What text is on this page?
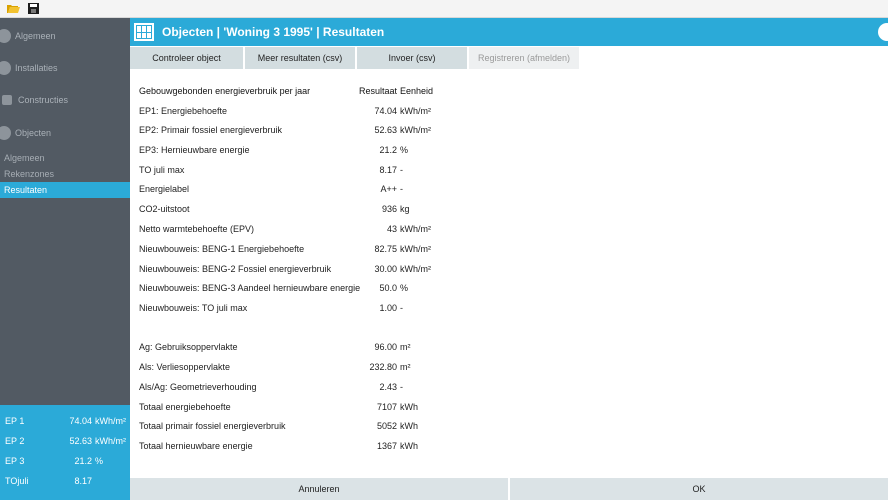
Algemeen
Installaties
Constructies
Objecten
Algemeen
Rekenzones
Resultaten
EP 1	74.04 kWh/m²
EP 2	52.63 kWh/m²
EP 3	21.2 %
TOjuli	8.17
Objecten | 'Woning 3 1995' | Resultaten
Controleer object	Meer resultaten (csv)	Invoer (csv)	Registreren (afmelden)
Gebouwgebonden energieverbruik per jaar	Resultaat Eenheid
EP1: Energiebehoefte	74.04 kWh/m²
EP2: Primair fossiel energieverbruik	52.63 kWh/m²
EP3: Hernieuwbare energie	21.2 %
TO juli max	8.17 -
Energielabel	A++ -
CO2-uitstoot	936 kg
Netto warmtebehoefte (EPV)	43 kWh/m²
Nieuwbouweis: BENG-1 Energiebehoefte	82.75 kWh/m²
Nieuwbouweis: BENG-2 Fossiel energieverbruik	30.00 kWh/m²
Nieuwbouweis: BENG-3 Aandeel hernieuwbare energie 50.0 %
Nieuwbouweis: TO juli max	1.00 -
Ag: Gebruiksoppervlakte	96.00 m²
Als: Verliesoppervlakte	232.80 m²
Als/Ag: Geometrieverhouding	2.43 -
Totaal energiebehoefte	7107 kWh
Totaal primair fossiel energieverbruik	5052 kWh
Totaal hernieuwbare energie	1367 kWh
Annuleren	OK
